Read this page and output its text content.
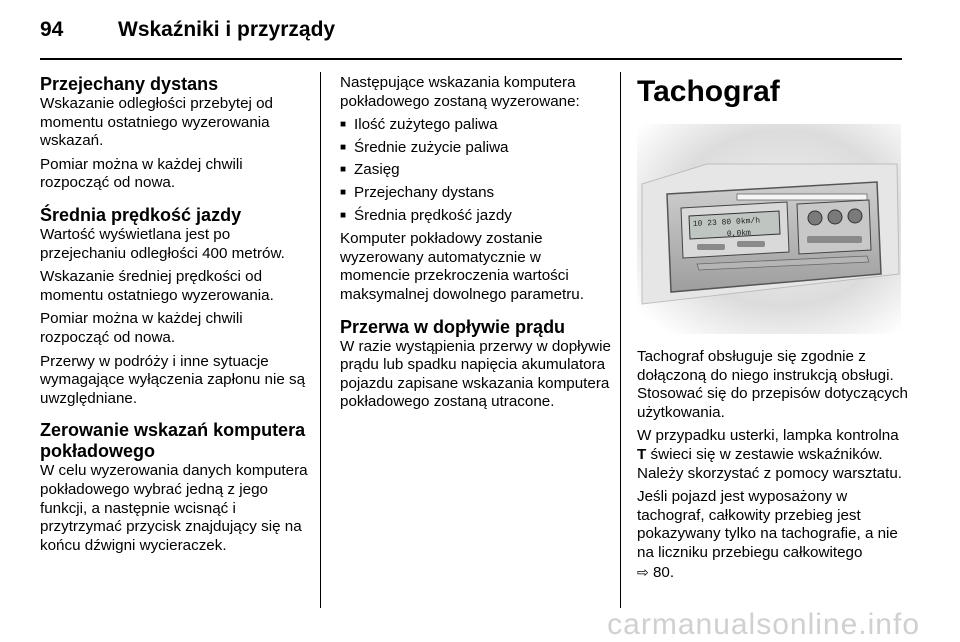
94	Wskaźniki i przyrządy
Przejechany dystans

Wskazanie odległości przebytej od momentu ostatniego wyzerowania wskazań.

Pomiar można w każdej chwili rozpocząć od nowa.

Średnia prędkość jazdy

Wartość wyświetlana jest po przejechaniu odległości 400 metrów.

Wskazanie średniej prędkości od momentu ostatniego wyzerowania.

Pomiar można w każdej chwili rozpocząć od nowa.

Przerwy w podróży i inne sytuacje wymagające wyłączenia zapłonu nie są uwzględniane.

Zerowanie wskazań komputera pokładowego

W celu wyzerowania danych komputera pokładowego wybrać jedną z jego funkcji, a następnie wcisnąć i przytrzymać przycisk znajdujący się na końcu dźwigni wycieraczek.

Następujące wskazania komputera pokładowego zostaną wyzerowane:

■ Ilość zużytego paliwa
■ Średnie zużycie paliwa
■ Zasięg
■ Przejechany dystans
■ Średnia prędkość jazdy

Komputer pokładowy zostanie wyzerowany automatycznie w momencie przekroczenia wartości maksymalnej dowolnego parametru.

Przerwa w dopływie prądu

W razie wystąpienia przerwy w dopływie prądu lub spadku napięcia akumulatora pojazdu zapisane wskazania komputera pokładowego zostaną utracone.

Tachograf
10 23 80 0km/h
0,0km

Tachograf obsługuje się zgodnie z dołączoną do niego instrukcją obsługi. Stosować się do przepisów dotyczących użytkowania.

W przypadku usterki, lampka kontrolna T świeci się w zestawie wskaźników. Należy skorzystać z pomocy warsztatu.

Jeśli pojazd jest wyposażony w tachograf, całkowity przebieg jest pokazywany tylko na tachografie, a nie na liczniku przebiegu całkowitego
⇨ 80.

carmanualsonline.info
